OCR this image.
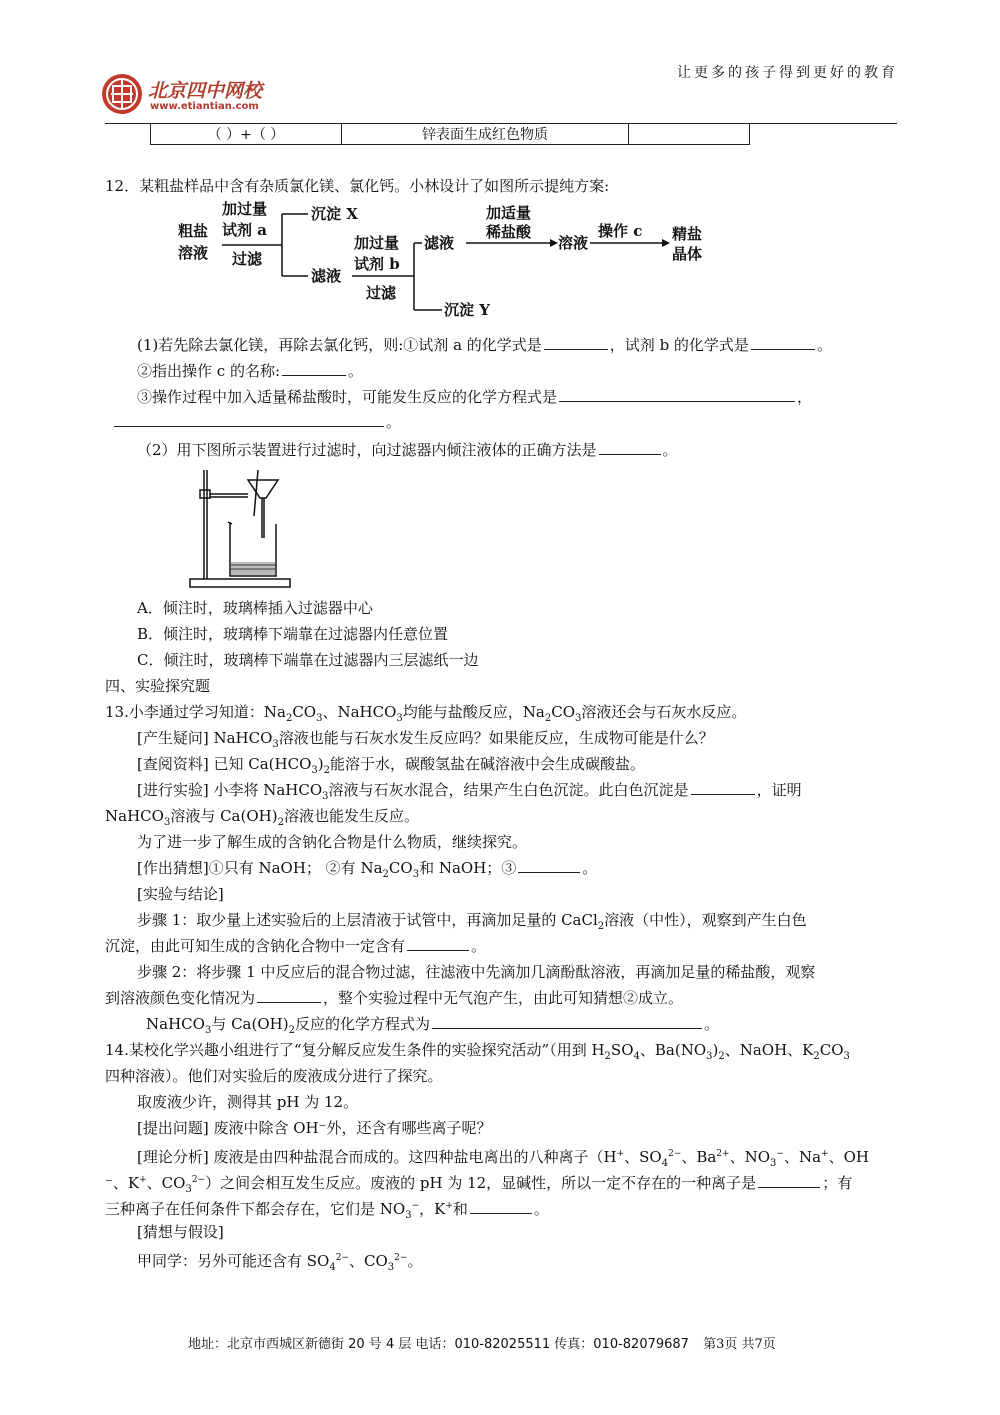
北京四中网校
www.etiantian.com
让更多的孩子得到更好的教育
（ ）+（ ）	锌表面生成红色物质	
12．某粗盐样品中含有杂质氯化镁、氯化钙。小林设计了如图所示提纯方案:
粗盐
溶液
加过量
试剂 a
过滤
沉淀 X
滤液
加过量
试剂 b
过滤
滤液
沉淀 Y
加适量
稀盐酸
溶液
操作 c 精盐
晶体
(1)若先除去氯化镁，再除去氯化钙，则:①试剂 a 的化学式是	，试剂 b 的化学式是	。
②指出操作 c 的名称:	。
③操作过程中加入适量稀盐酸时，可能发生反应的化学方程式是	，
。
（2）用下图所示装置进行过滤时，向过滤器内倾注液体的正确方法是	。
A．倾注时，玻璃棒插入过滤器中心
B．倾注时，玻璃棒下端靠在过滤器内任意位置
C．倾注时，玻璃棒下端靠在过滤器内三层滤纸一边
四、实验探究题
13.小李通过学习知道：$Na_2CO_3$、NaHCO$_3$均能与盐酸反应，$Na_2CO_3$溶液还会与石灰水反应。
[产生疑问] NaHCO$_3$溶液也能与石灰水发生反应吗？如果能反应，生成物可能是什么？
[查阅资料] 已知 $Ca(HCO_3)_2$能溶于水，碳酸氢盐在碱溶液中会生成碳酸盐。
[进行实验] 小李将 NaHCO$_3$溶液与石灰水混合，结果产生白色沉淀。此白色沉淀是	，证明
NaHCO$_3$溶液与 $Ca(OH)_2$溶液也能发生反应。
为了进一步了解生成的含钠化合物是什么物质，继续探究。
[作出猜想]①只有 NaOH； ②有 $Na_2CO_3$和 NaOH；③	。
[实验与结论]
步骤 1：取少量上述实验后的上层清液于试管中，再滴加足量的 CaCl$_2$溶液（中性），观察到产生白色
沉淀，由此可知生成的含钠化合物中一定含有	。
步骤 2：将步骤 1 中反应后的混合物过滤，往滤液中先滴加几滴酚酞溶液，再滴加足量的稀盐酸，观察
到溶液颜色变化情况为	，整个实验过程中无气泡产生，由此可知猜想②成立。
NaHCO$_3$与 $Ca(OH)_2$反应的化学方程式为	。
14.某校化学兴趣小组进行了“复分解反应发生条件的实验探究活动”（用到 $H_2SO_4$、$Ba(NO_3)_2$、NaOH、$K_2CO_3$
四种溶液）。他们对实验后的废液成分进行了探究。
取废液少许，测得其 pH 为 12。
[提出问题] 废液中除含 OH⁻外，还含有哪些离子呢？
[理论分析] 废液是由四种盐混合而成的。这四种盐电离出的八种离子（H+、$SO_4^{2-}$、$Ba^{2+}$、$NO_3^-$、Na+、OH
⁻、K+、$CO_3^{2-}$）之间会相互发生反应。废液的 pH 为 12，显碱性，所以一定不存在的一种离子是	；有
三种离子在任何条件下都会存在，它们是 $NO_3^-$，K+和	。
[猜想与假设]
甲同学：另外可能还含有 $SO_4^{2-}$、$CO_3^{2-}$。
地址：北京市西城区新德街 20 号 4 层 电话：010-82025511 传真：010-82079687 第3页 共7页
